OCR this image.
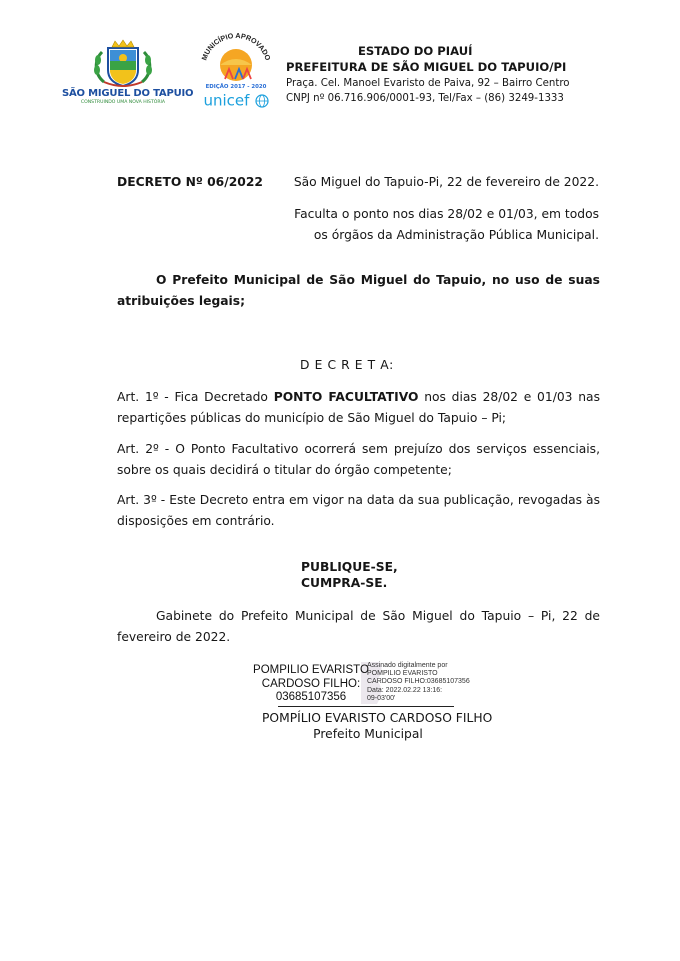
SÃO MIGUEL DO TAPUIO
CONSTRUINDO UMA NOVA HISTÓRIA
MUNICÍPIO APROVADO
EDIÇÃO 2017 - 2020
unicef
ESTADO DO PIAUÍ
PREFEITURA DE SÃO MIGUEL DO TAPUIO/PI
Praça. Cel. Manoel Evaristo de Paiva, 92 – Bairro Centro
CNPJ nº 06.716.906/0001-93, Tel/Fax – (86) 3249-1333
DECRETO Nº 06/2022	São Miguel do Tapuio-Pi, 22 de fevereiro de 2022.
Faculta o ponto nos dias 28/02 e 01/03, em todos
os órgãos da Administração Pública Municipal.
O Prefeito Municipal de São Miguel do Tapuio, no uso de suas atribuições legais;
D E C R E T A:
Art. 1º - Fica Decretado PONTO FACULTATIVO nos dias 28/02 e 01/03 nas repartições públicas do município de São Miguel do Tapuio – Pi;
Art. 2º - O Ponto Facultativo ocorrerá sem prejuízo dos serviços essenciais, sobre os quais decidirá o titular do órgão competente;
Art. 3º - Este Decreto entra em vigor na data da sua publicação, revogadas às disposições em contrário.
PUBLIQUE-SE,
CUMPRA-SE.
Gabinete do Prefeito Municipal de São Miguel do Tapuio – Pi, 22 de fevereiro de 2022.
POMPILIO EVARISTO
CARDOSO FILHO:
03685107356
Assinado digitalmente por
POMPILIO EVARISTO
CARDOSO FILHO:03685107356
Data: 2022.02.22 13:16:
09-03'00'
POMPÍLIO EVARISTO CARDOSO FILHO
Prefeito Municipal
